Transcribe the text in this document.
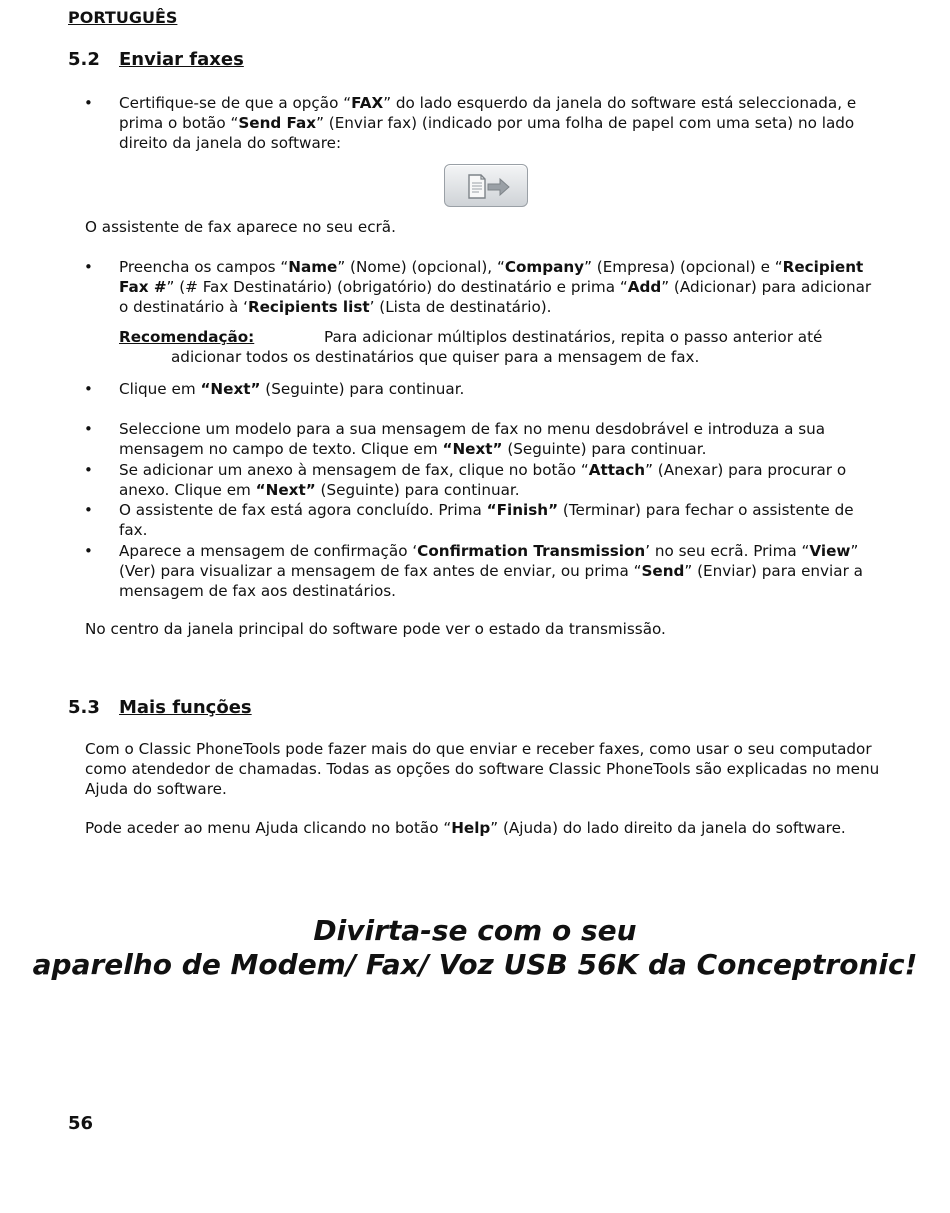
PORTUGUÊS
5.2 Enviar faxes
• Certifique-se de que a opção “FAX” do lado esquerdo da janela do software está seleccionada, e prima o botão “Send Fax” (Enviar fax) (indicado por uma folha de papel com uma seta) no lado direito da janela do software:
O assistente de fax aparece no seu ecrã.
• Preencha os campos “Name” (Nome) (opcional), “Company” (Empresa) (opcional) e “Recipient Fax #” (# Fax Destinatário) (obrigatório) do destinatário e prima “Add” (Adicionar) para adicionar o destinatário à ‘Recipients list’ (Lista de destinatário).
Recomendação:	Para adicionar múltiplos destinatários, repita o passo anterior até
adicionar todos os destinatários que quiser para a mensagem de fax.
• Clique em “Next” (Seguinte) para continuar.
• Seleccione um modelo para a sua mensagem de fax no menu desdobrável e introduza a sua mensagem no campo de texto. Clique em “Next” (Seguinte) para continuar.
• Se adicionar um anexo à mensagem de fax, clique no botão “Attach” (Anexar) para procurar o anexo. Clique em “Next” (Seguinte) para continuar.
• O assistente de fax está agora concluído. Prima “Finish” (Terminar) para fechar o assistente de fax.
• Aparece a mensagem de confirmação ‘Confirmation Transmission’ no seu ecrã. Prima “View” (Ver) para visualizar a mensagem de fax antes de enviar, ou prima “Send” (Enviar) para enviar a mensagem de fax aos destinatários.
No centro da janela principal do software pode ver o estado da transmissão.
5.3 Mais funções
Com o Classic PhoneTools pode fazer mais do que enviar e receber faxes, como usar o seu computador como atendedor de chamadas. Todas as opções do software Classic PhoneTools são explicadas no menu Ajuda do software.
Pode aceder ao menu Ajuda clicando no botão “Help” (Ajuda) do lado direito da janela do software.
Divirta-se com o seu
aparelho de Modem/ Fax/ Voz USB 56K da Conceptronic!
56
